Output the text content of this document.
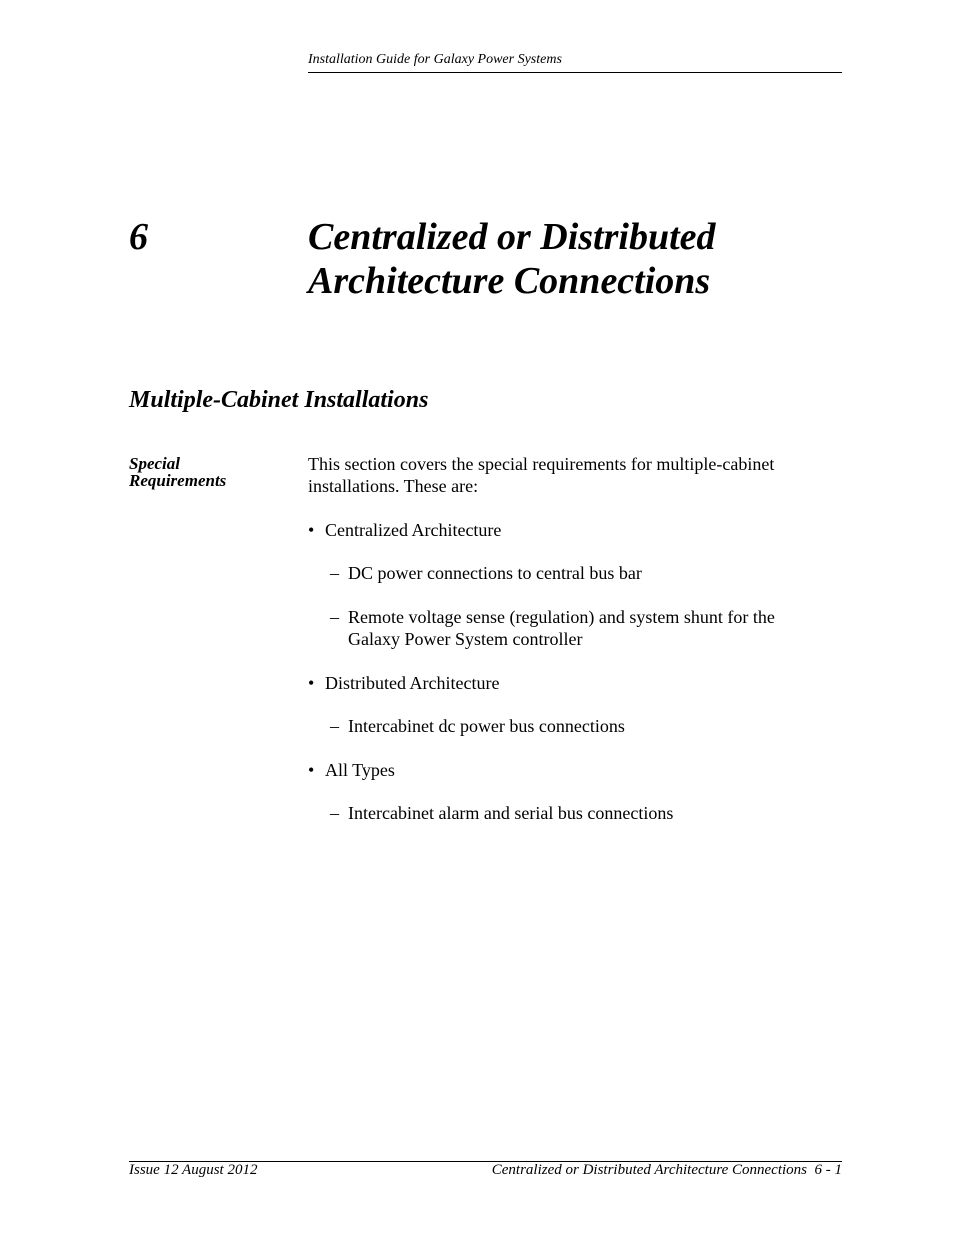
Installation Guide for Galaxy Power Systems
6	Centralized or Distributed
Architecture Connections
Multiple-Cabinet Installations
Special
Requirements
This section covers the special requirements for multiple-cabinet installations. These are:
• Centralized Architecture
– DC power connections to central bus bar
– Remote voltage sense (regulation) and system shunt for the Galaxy Power System controller
• Distributed Architecture
– Intercabinet dc power bus connections
• All Types
– Intercabinet alarm and serial bus connections
Issue 12 August 2012	Centralized or Distributed Architecture Connections  6 - 1
